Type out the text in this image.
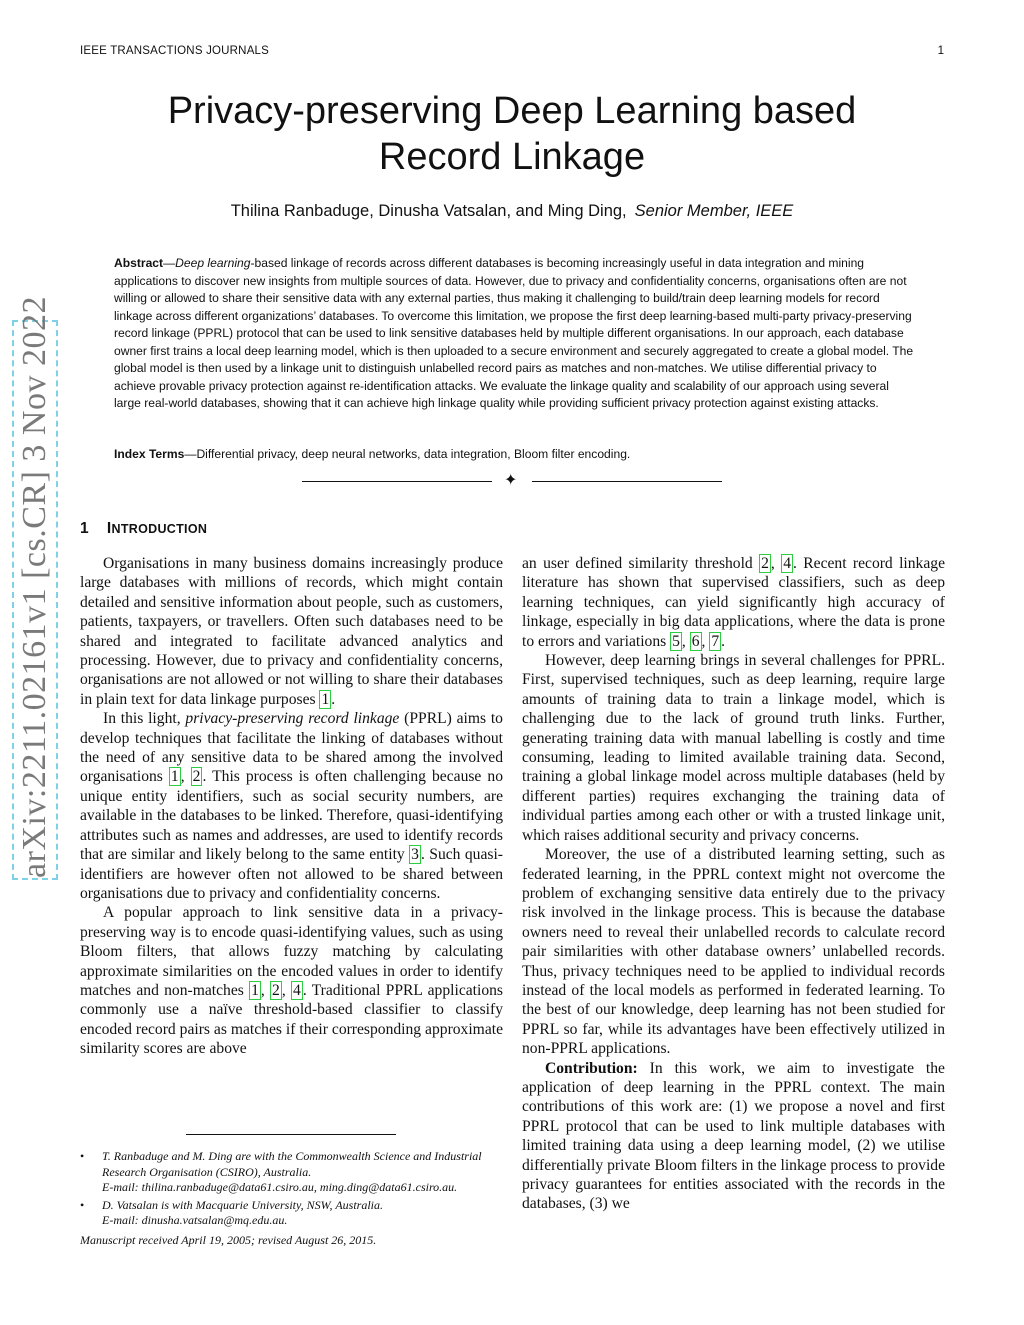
IEEE TRANSACTIONS JOURNALS	1
Privacy-preserving Deep Learning based
Record Linkage
Thilina Ranbaduge, Dinusha Vatsalan, and Ming Ding, Senior Member, IEEE
Abstract—Deep learning-based linkage of records across different databases is becoming increasingly useful in data integration and mining applications to discover new insights from multiple sources of data. However, due to privacy and confidentiality concerns, organisations often are not willing or allowed to share their sensitive data with any external parties, thus making it challenging to build/train deep learning models for record linkage across different organizations’ databases. To overcome this limitation, we propose the first deep learning-based multi-party privacy-preserving record linkage (PPRL) protocol that can be used to link sensitive databases held by multiple different organisations. In our approach, each database owner first trains a local deep learning model, which is then uploaded to a secure environment and securely aggregated to create a global model. The global model is then used by a linkage unit to distinguish unlabelled record pairs as matches and non-matches. We utilise differential privacy to achieve provable privacy protection against re-identification attacks. We evaluate the linkage quality and scalability of our approach using several large real-world databases, showing that it can achieve high linkage quality while providing sufficient privacy protection against existing attacks.
Index Terms—Differential privacy, deep neural networks, data integration, Bloom filter encoding.
✦
arXiv:2211.02161v1 [cs.CR] 3 Nov 2022	1 INTRODUCTION

Organisations in many business domains increasingly produce large databases with millions of records, which might contain detailed and sensitive information about people, such as customers, patients, taxpayers, or travellers. Often such databases need to be shared and integrated to facilitate advanced analytics and processing. However, due to privacy and confidentiality concerns, organisations are not allowed or not willing to share their databases in plain text for data linkage purposes 1 .

In this light, privacy-preserving record linkage (PPRL) aims to develop techniques that facilitate the linking of databases without the need of any sensitive data to be shared among the involved organisations 1 , 2 . This process is often challenging because no unique entity identifiers, such as social security numbers, are available in the databases to be linked. Therefore, quasi-identifying attributes such as names and addresses, are used to identify records that are similar and likely belong to the same entity 3 . Such quasi-identifiers are however often not allowed to be shared between organisations due to privacy and confidentiality concerns.

A popular approach to link sensitive data in a privacy-preserving way is to encode quasi-identifying values, such as using Bloom filters, that allows fuzzy matching by calculating approximate similarities on the encoded values in order to identify matches and non-matches 1 , 2 , 4 . Traditional PPRL applications commonly use a naïve threshold-based classifier to classify encoded record pairs as matches if their corresponding approximate similarity scores are above

an user defined similarity threshold 2 , 4 . Recent record linkage literature has shown that supervised classifiers, such as deep learning techniques, can yield significantly high accuracy of linkage, especially in big data applications, where the data is prone to errors and variations 5 , 6 , 7 .

However, deep learning brings in several challenges for PPRL. First, supervised techniques, such as deep learning, require large amounts of training data to train a linkage model, which is challenging due to the lack of ground truth links. Further, generating training data with manual labelling is costly and time consuming, leading to limited available training data. Second, training a global linkage model across multiple databases (held by different parties) requires exchanging the training data of individual parties among each other or with a trusted linkage unit, which raises additional security and privacy concerns.

Moreover, the use of a distributed learning setting, such as federated learning, in the PPRL context might not overcome the problem of exchanging sensitive data entirely due to the privacy risk involved in the linkage process. This is because the database owners need to reveal their unlabelled records to calculate record pair similarities with other database owners’ unlabelled records. Thus, privacy techniques need to be applied to individual records instead of the local models as performed in federated learning. To the best of our knowledge, deep learning has not been studied for PPRL so far, while its advantages have been effectively utilized in non-PPRL applications.

Contribution: In this work, we aim to investigate the application of deep learning in the PPRL context. The main contributions of this work are: (1) we propose a novel and first PPRL protocol that can be used to link multiple databases with limited training data using a deep learning model, (2) we utilise differentially private Bloom filters in the linkage process to provide privacy guarantees for entities associated with the records in the databases, (3) we

• T. Ranbaduge and M. Ding are with the Commonwealth Science and Industrial Research Organisation (CSIRO), Australia.
E-mail: thilina.ranbaduge@data61.csiro.au, ming.ding@data61.csiro.au.
• D. Vatsalan is with Macquarie University, NSW, Australia.
E-mail: dinusha.vatsalan@mq.edu.au.
Manuscript received April 19, 2005; revised August 26, 2015.
